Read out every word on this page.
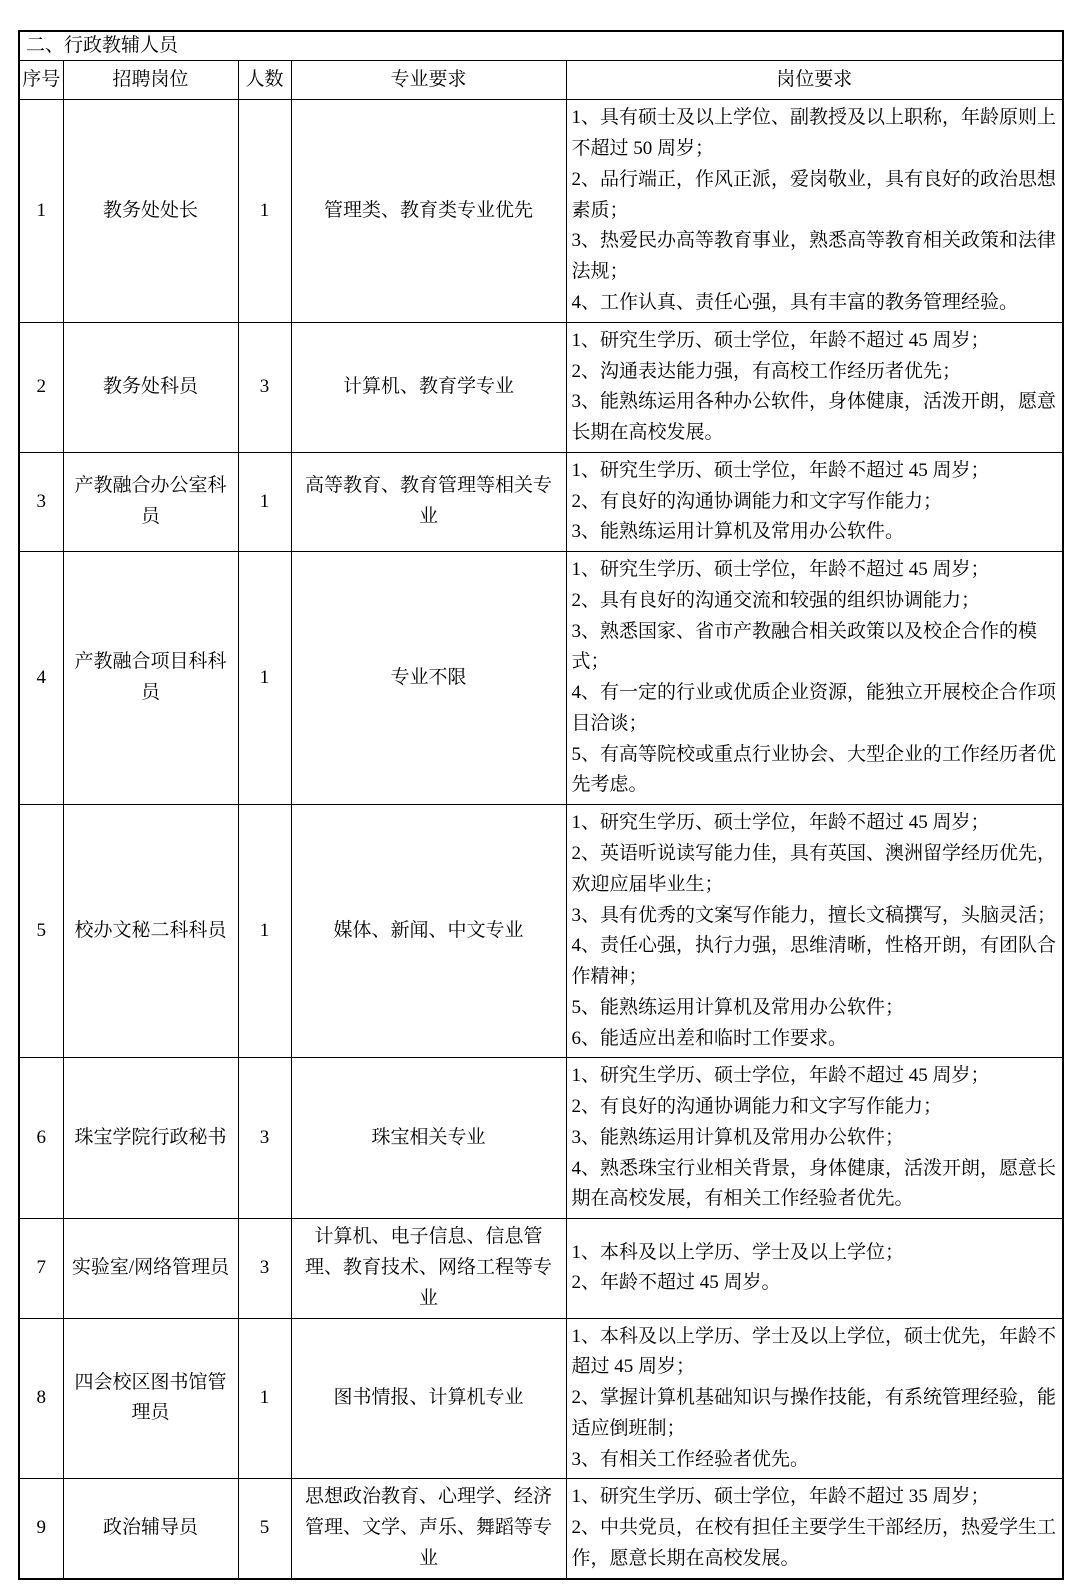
二、行政教辅人员				
序号	招聘岗位	人数	专业要求	岗位要求
1	教务处处长	1	管理类、教育类专业优先	1、具有硕士及以上学位、副教授及以上职称，年龄原则上不超过 50 周岁；
2、品行端正，作风正派，爱岗敬业，具有良好的政治思想素质；
3、热爱民办高等教育事业，熟悉高等教育相关政策和法律法规；
4、工作认真、责任心强，具有丰富的教务管理经验。

2	教务处科员	3	计算机、教育学专业	1、研究生学历、硕士学位，年龄不超过 45 周岁；
2、沟通表达能力强，有高校工作经历者优先；
3、能熟练运用各种办公软件，身体健康，活泼开朗，愿意长期在高校发展。

3	产教融合办公室科员	1	高等教育、教育管理等相关专业	1、研究生学历、硕士学位，年龄不超过 45 周岁；
2、有良好的沟通协调能力和文字写作能力；
3、能熟练运用计算机及常用办公软件。

4	产教融合项目科科员	1	专业不限	1、研究生学历、硕士学位，年龄不超过 45 周岁；
2、具有良好的沟通交流和较强的组织协调能力；
3、熟悉国家、省市产教融合相关政策以及校企合作的模式；
4、有一定的行业或优质企业资源，能独立开展校企合作项目洽谈；
5、有高等院校或重点行业协会、大型企业的工作经历者优先考虑。

5	校办文秘二科科员	1	媒体、新闻、中文专业	
1、研究生学历、硕士学位，年龄不超过 45 周岁；
2、英语听说读写能力佳，具有英国、澳洲留学经历优先，欢迎应届毕业生；
3、具有优秀的文案写作能力，擅长文稿撰写，头脑灵活；
4、责任心强，执行力强，思维清晰，性格开朗，有团队合作精神；
5、能熟练运用计算机及常用办公软件；
6、能适应出差和临时工作要求。

6	珠宝学院行政秘书	3	珠宝相关专业	1、研究生学历、硕士学位，年龄不超过 45 周岁；
2、有良好的沟通协调能力和文字写作能力；
3、能熟练运用计算机及常用办公软件；
4、熟悉珠宝行业相关背景，身体健康，活泼开朗，愿意长期在高校发展，有相关工作经验者优先。

7	实验室/网络管理员	3	计算机、电子信息、信息管理、教育技术、网络工程等专业	1、本科及以上学历、学士及以上学位；
2、年龄不超过 45 周岁。

8	四会校区图书馆管理员	1	图书情报、计算机专业	1、本科及以上学历、学士及以上学位，硕士优先，年龄不超过 45 周岁；
2、掌握计算机基础知识与操作技能，有系统管理经验，能适应倒班制；
3、有相关工作经验者优先。

9	政治辅导员	5	思想政治教育、心理学、经济管理、文学、声乐、舞蹈等专业	1、研究生学历、硕士学位，年龄不超过 35 周岁；
2、中共党员，在校有担任主要学生干部经历，热爱学生工作，愿意长期在高校发展。
